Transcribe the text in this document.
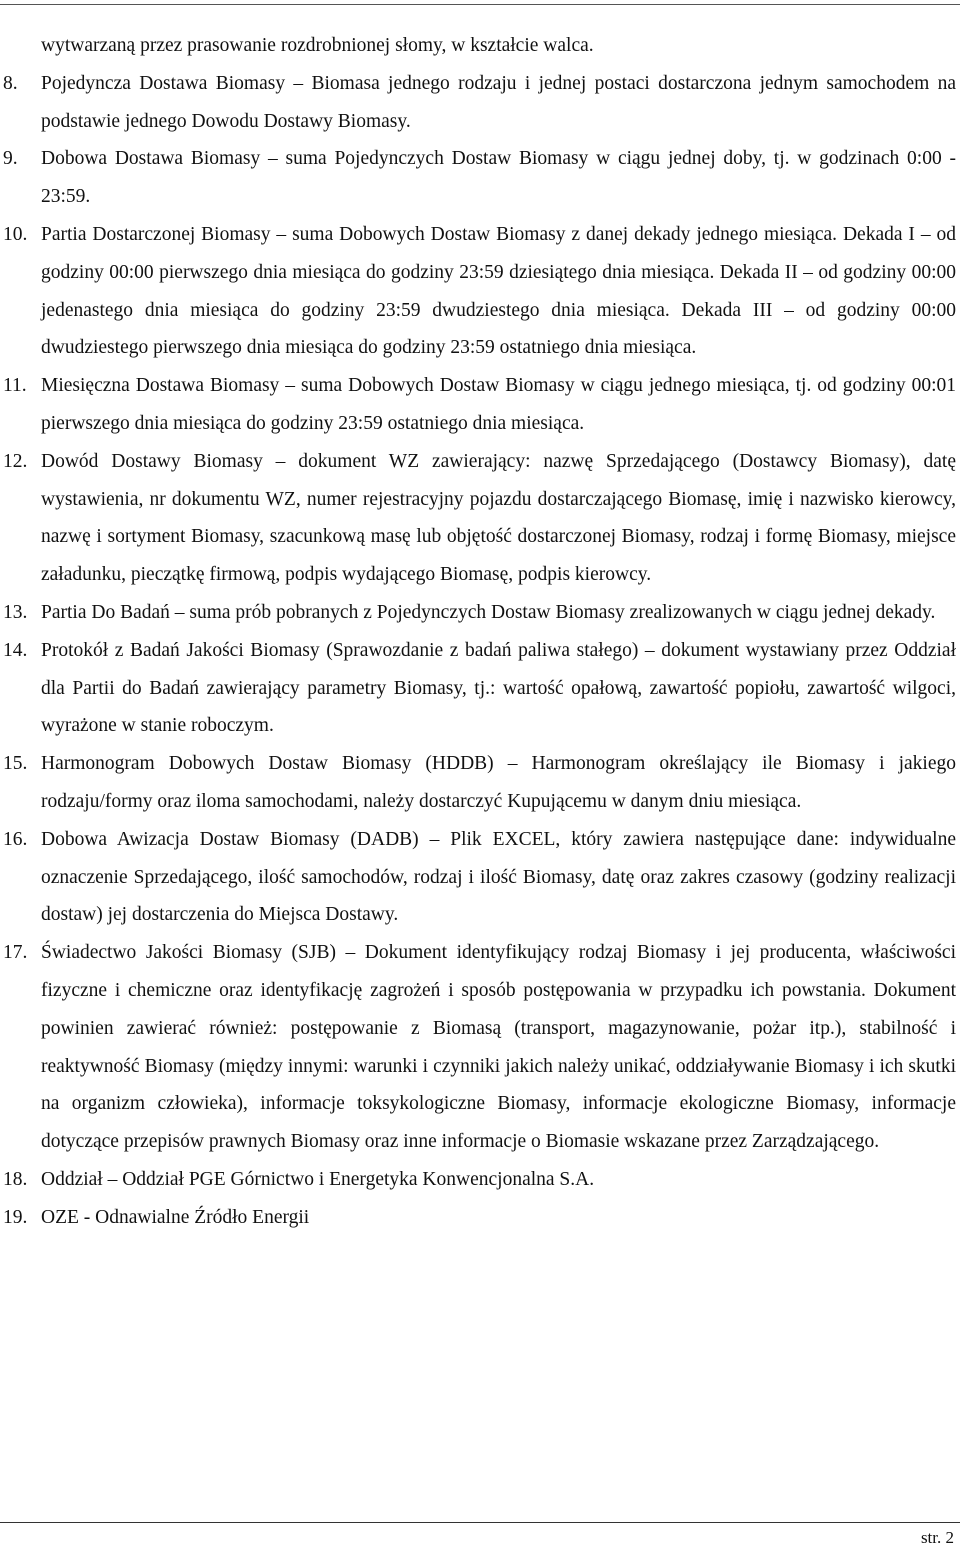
wytwarzaną przez prasowanie rozdrobnionej słomy, w kształcie walca.
8. Pojedyncza Dostawa Biomasy – Biomasa jednego rodzaju i jednej postaci dostarczona jednym samochodem na podstawie jednego Dowodu Dostawy Biomasy.
9. Dobowa Dostawa Biomasy – suma Pojedynczych Dostaw Biomasy w ciągu jednej doby, tj. w godzinach 0:00 - 23:59.
10. Partia Dostarczonej Biomasy – suma Dobowych Dostaw Biomasy z danej dekady jednego miesiąca. Dekada I – od godziny 00:00 pierwszego dnia miesiąca do godziny 23:59 dziesiątego dnia miesiąca. Dekada II – od godziny 00:00 jedenastego dnia miesiąca do godziny 23:59 dwudziestego dnia miesiąca. Dekada III – od godziny 00:00 dwudziestego pierwszego dnia miesiąca do godziny 23:59 ostatniego dnia miesiąca.
11. Miesięczna Dostawa Biomasy – suma Dobowych Dostaw Biomasy w ciągu jednego miesiąca, tj. od godziny 00:01 pierwszego dnia miesiąca do godziny 23:59 ostatniego dnia miesiąca.
12. Dowód Dostawy Biomasy – dokument WZ zawierający: nazwę Sprzedającego (Dostawcy Biomasy), datę wystawienia, nr dokumentu WZ, numer rejestracyjny pojazdu dostarczającego Biomasę, imię i nazwisko kierowcy, nazwę i sortyment Biomasy, szacunkową masę lub objętość dostarczonej Biomasy, rodzaj i formę Biomasy, miejsce załadunku, pieczątkę firmową, podpis wydającego Biomasę, podpis kierowcy.
13. Partia Do Badań – suma prób pobranych z Pojedynczych Dostaw Biomasy zrealizowanych w ciągu jednej dekady.
14. Protokół z Badań Jakości Biomasy (Sprawozdanie z badań paliwa stałego) – dokument wystawiany przez Oddział dla Partii do Badań zawierający parametry Biomasy, tj.: wartość opałową, zawartość popiołu, zawartość wilgoci, wyrażone w stanie roboczym.
15. Harmonogram Dobowych Dostaw Biomasy (HDDB) – Harmonogram określający ile Biomasy i jakiego rodzaju/formy oraz iloma samochodami, należy dostarczyć Kupującemu w danym dniu miesiąca.
16. Dobowa Awizacja Dostaw Biomasy (DADB) – Plik EXCEL, który zawiera następujące dane: indywidualne oznaczenie Sprzedającego, ilość samochodów, rodzaj i ilość Biomasy, datę oraz zakres czasowy (godziny realizacji dostaw) jej dostarczenia do Miejsca Dostawy.
17. Świadectwo Jakości Biomasy (SJB) – Dokument identyfikujący rodzaj Biomasy i jej producenta, właściwości fizyczne i chemiczne oraz identyfikację zagrożeń i sposób postępowania w przypadku ich powstania. Dokument powinien zawierać również: postępowanie z Biomasą (transport, magazynowanie, pożar itp.), stabilność i reaktywność Biomasy (między innymi: warunki i czynniki jakich należy unikać, oddziaływanie Biomasy i ich skutki na organizm człowieka), informacje toksykologiczne Biomasy, informacje ekologiczne Biomasy, informacje dotyczące przepisów prawnych Biomasy oraz inne informacje o Biomasie wskazane przez Zarządzającego.
18. Oddział – Oddział PGE Górnictwo i Energetyka Konwencjonalna S.A.
19. OZE - Odnawialne Źródło Energii
str. 2
